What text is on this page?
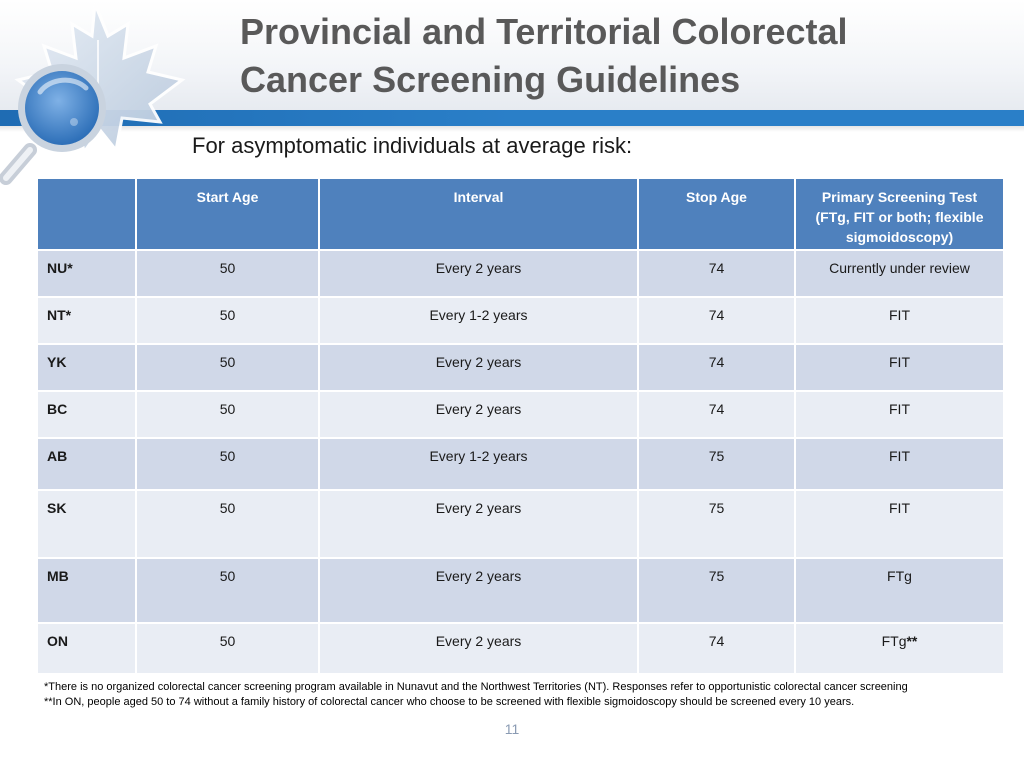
Provincial and Territorial Colorectal
Cancer Screening Guidelines
For asymptomatic individuals at average risk:
	Start Age	Interval	Stop Age	Primary Screening Test
(FTg, FIT or both; flexible
sigmoidoscopy)

NU*	50	Every 2 years	74	Currently under review
NT*	50	Every 1-2 years	74	FIT
YK	50	Every 2 years	74	FIT
BC	50	Every 2 years	74	FIT
AB	50	Every 1-2 years	75	FIT
SK	50	Every 2 years	75	FIT
MB	50	Every 2 years	75	FTg
ON	50	Every 2 years	74	FTg**
*There is no organized colorectal cancer screening program available in Nunavut and the Northwest Territories (NT). Responses refer to opportunistic colorectal cancer screening
**In ON, people aged 50 to 74 without a family history of colorectal cancer who choose to be screened with flexible sigmoidoscopy should be screened every 10 years.
11
